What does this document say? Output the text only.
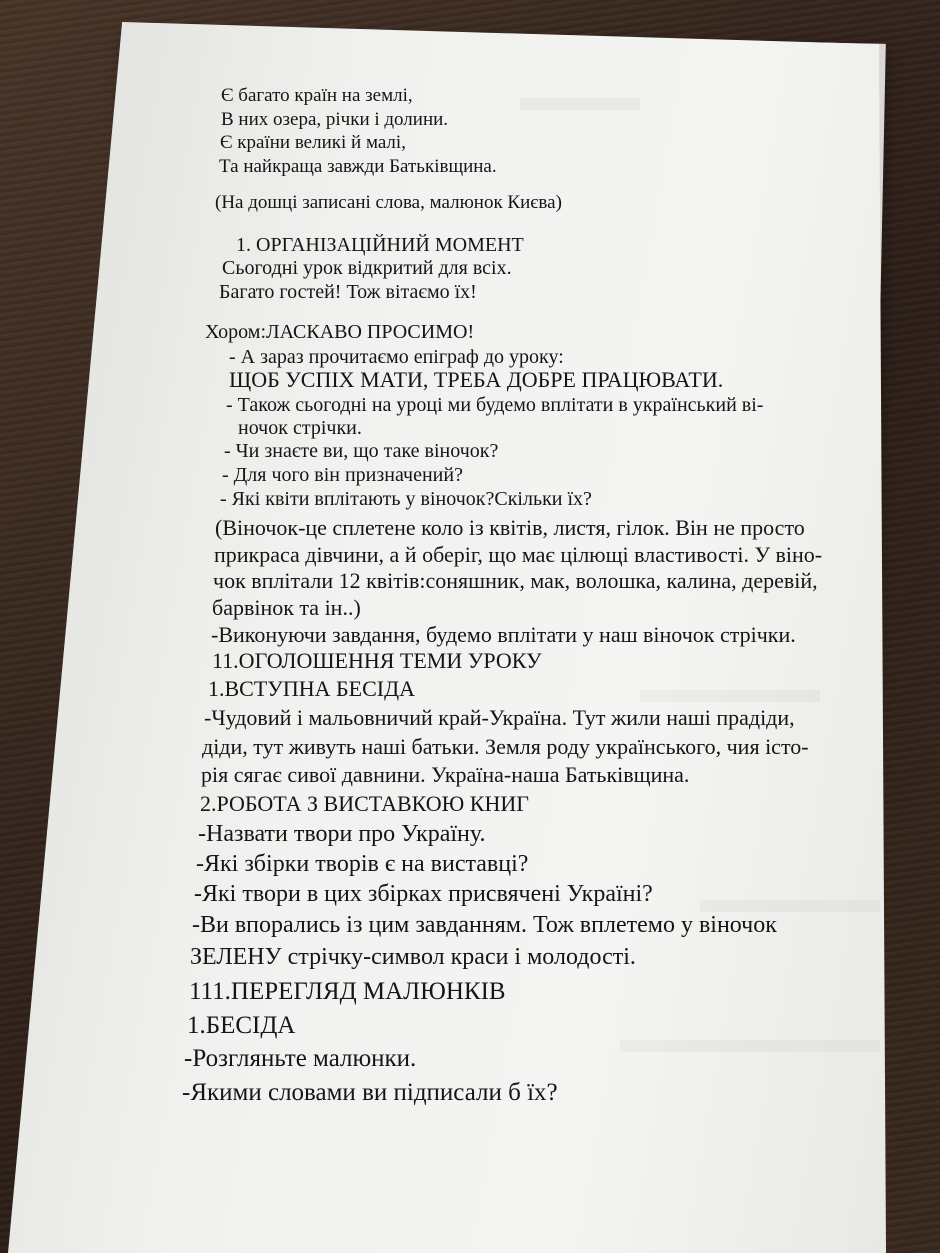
Є багато країн на землі,

В них озера, річки і долини.

Є країни великі й малі,

Та найкраща завжди Батьківщина.

(На дошці записані слова, малюнок Києва)

1. ОРГАНІЗАЦІЙНИЙ МОМЕНТ

Сьогодні урок відкритий для всіх.

Багато гостей! Тож вітаємо їх!

Хором:ЛАСКАВО ПРОСИМО!

- А зараз прочитаємо епіграф до уроку:

ЩОБ УСПІХ МАТИ, ТРЕБА ДОБРЕ ПРАЦЮВАТИ.

- Також сьогодні на уроці ми будемо вплітати в український ві-

ночок стрічки.

- Чи знаєте ви, що таке віночок?

- Для чого він призначений?

- Які квіти вплітають у віночок?Скільки їх?

(Віночок-це сплетене коло із квітів, листя, гілок. Він не просто

прикраса дівчини, а й оберіг, що має цілющі властивості. У віно-

чок вплітали 12 квітів:соняшник, мак, волошка, калина, деревій,

барвінок та ін..)

-Виконуючи завдання, будемо вплітати у наш віночок стрічки.

11.ОГОЛОШЕННЯ ТЕМИ УРОКУ

1.ВСТУПНА БЕСІДА

-Чудовий і мальовничий край-Україна. Тут жили наші прадіди,

діди, тут живуть наші батьки. Земля роду українського, чия істо-

рія сягає сивої давнини. Україна-наша Батьківщина.

2.РОБОТА З ВИСТАВКОЮ КНИГ

-Назвати твори про Україну.

-Які збірки творів є на виставці?

-Які твори в цих збірках присвячені Україні?

-Ви впорались із цим завданням. Тож вплетемо у віночок

ЗЕЛЕНУ стрічку-символ краси і молодості.

111.ПЕРЕГЛЯД МАЛЮНКІВ

1.БЕСІДА

-Розгляньте малюнки.

-Якими словами ви підписали б їх?
